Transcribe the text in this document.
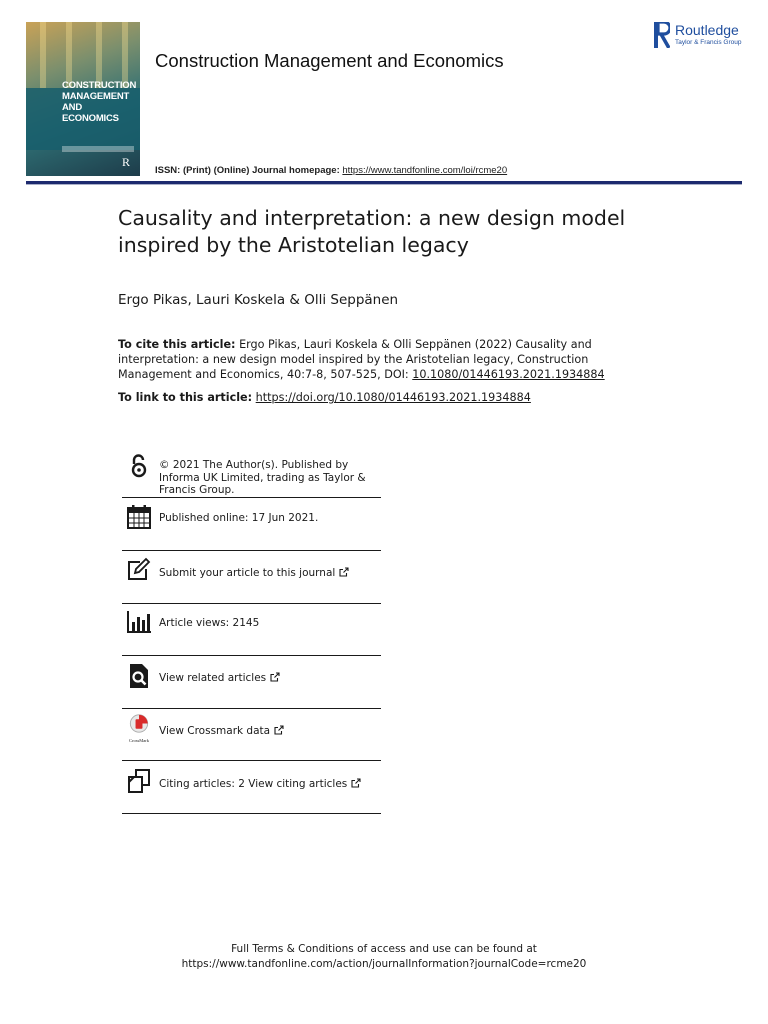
CONSTRUCTION
MANAGEMENT
AND ECONOMICS
R
Construction Management and Economics
Routledge
Taylor & Francis Group
ISSN: (Print) (Online) Journal homepage: https://www.tandfonline.com/loi/rcme20
Causality and interpretation: a new design model inspired by the Aristotelian legacy
Ergo Pikas, Lauri Koskela & Olli Seppänen
To cite this article: Ergo Pikas, Lauri Koskela & Olli Seppänen (2022) Causality and interpretation: a new design model inspired by the Aristotelian legacy, Construction Management and Economics, 40:7-8, 507-525, DOI: 10.1080/01446193.2021.1934884
To link to this article: https://doi.org/10.1080/01446193.2021.1934884
© 2021 The Author(s). Published by Informa UK Limited, trading as Taylor & Francis Group.
Published online: 17 Jun 2021.
Submit your article to this journal
Article views: 2145
View related articles
CrossMark
View Crossmark data
Citing articles: 2 View citing articles
Full Terms & Conditions of access and use can be found at
https://www.tandfonline.com/action/journalInformation?journalCode=rcme20
